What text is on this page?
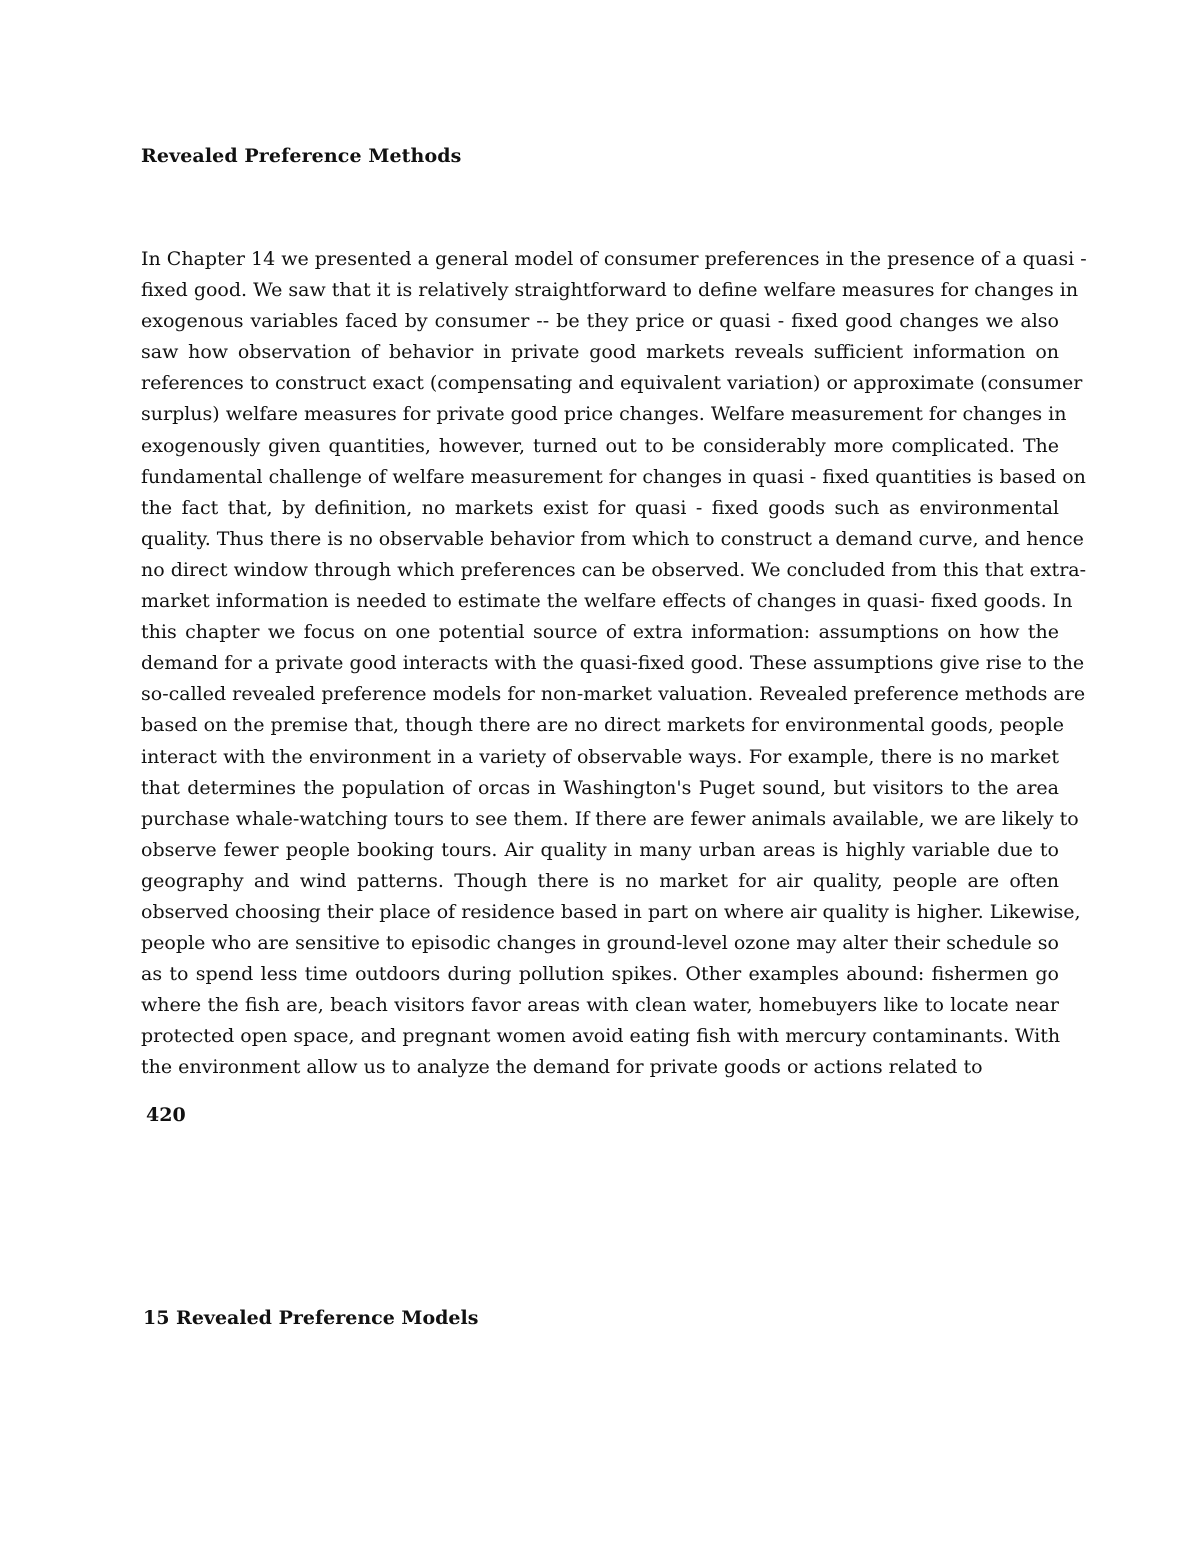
Revealed Preference Methods
In Chapter 14 we presented a general model of consumer preferences in the presence of a quasi -
fixed good. We saw that it is relatively straightforward to define welfare measures for changes in
exogenous variables faced by consumer -- be they price or quasi - fixed good changes we also
saw how observation of behavior in private good markets reveals sufficient information on
references to construct exact (compensating and equivalent variation) or approximate (consumer
surplus) welfare measures for private good price changes. Welfare measurement for changes in
exogenously given quantities, however, turned out to be considerably more complicated. The
fundamental challenge of welfare measurement for changes in quasi - fixed quantities is based on
the fact that, by definition, no markets exist for quasi - fixed goods such as environmental
quality. Thus there is no observable behavior from which to construct a demand curve, and hence
no direct window through which preferences can be observed. We concluded from this that extra-
market information is needed to estimate the welfare effects of changes in quasi- fixed goods. In
this chapter we focus on one potential source of extra information: assumptions on how the
demand for a private good interacts with the quasi-fixed good. These assumptions give rise to the
so-called revealed preference models for non-market valuation. Revealed preference methods are
based on the premise that, though there are no direct markets for environmental goods, people
interact with the environment in a variety of observable ways. For example, there is no market
that determines the population of orcas in Washington's Puget sound, but visitors to the area
purchase whale-watching tours to see them. If there are fewer animals available, we are likely to
observe fewer people booking tours. Air quality in many urban areas is highly variable due to
geography and wind patterns. Though there is no market for air quality, people are often
observed choosing their place of residence based in part on where air quality is higher. Likewise,
people who are sensitive to episodic changes in ground-level ozone may alter their schedule so
as to spend less time outdoors during pollution spikes. Other examples abound: fishermen go
where the fish are, beach visitors favor areas with clean water, homebuyers like to locate near
protected open space, and pregnant women avoid eating fish with mercury contaminants. With
the environment allow us to analyze the demand for private goods or actions related to
420
15 Revealed Preference Models
